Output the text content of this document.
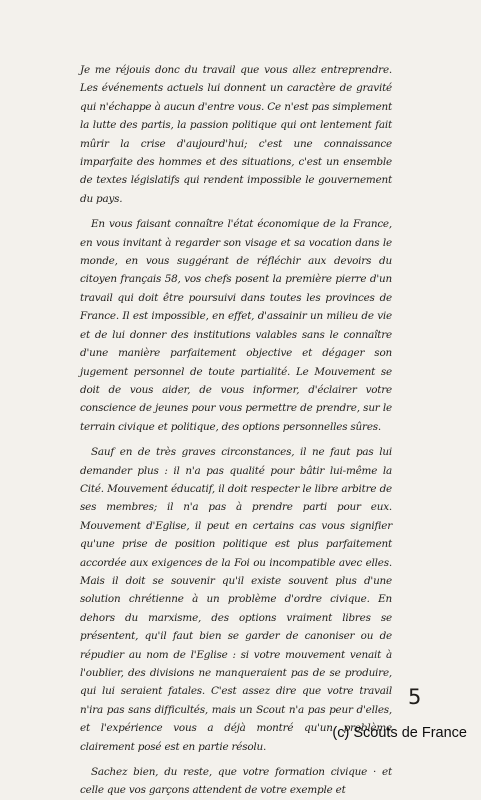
Je me réjouis donc du travail que vous allez entreprendre. Les événements actuels lui donnent un caractère de gravité qui n'échappe à aucun d'entre vous. Ce n'est pas simplement la lutte des partis, la passion politique qui ont lentement fait mûrir la crise d'aujourd'hui; c'est une connaissance imparfaite des hommes et des situations, c'est un ensemble de textes législatifs qui rendent impossible le gouvernement du pays.

En vous faisant connaître l'état économique de la France, en vous invitant à regarder son visage et sa vocation dans le monde, en vous suggérant de réfléchir aux devoirs du citoyen français 58, vos chefs posent la première pierre d'un travail qui doit être poursuivi dans toutes les provinces de France. Il est impossible, en effet, d'assainir un milieu de vie et de lui donner des institutions valables sans le connaître d'une manière parfaitement objective et dégager son jugement personnel de toute partialité. Le Mouvement se doit de vous aider, de vous informer, d'éclairer votre conscience de jeunes pour vous permettre de prendre, sur le terrain civique et politique, des options personnelles sûres.

Sauf en de très graves circonstances, il ne faut pas lui demander plus : il n'a pas qualité pour bâtir lui-même la Cité. Mouvement éducatif, il doit respecter le libre arbitre de ses membres; il n'a pas à prendre parti pour eux. Mouvement d'Eglise, il peut en certains cas vous signifier qu'une prise de position politique est plus parfaitement accordée aux exigences de la Foi ou incompatible avec elles. Mais il doit se souvenir qu'il existe souvent plus d'une solution chrétienne à un problème d'ordre civique. En dehors du marxisme, des options vraiment libres se présentent, qu'il faut bien se garder de canoniser ou de répudier au nom de l'Eglise : si votre mouvement venait à l'oublier, des divisions ne manqueraient pas de se produire, qui lui seraient fatales. C'est assez dire que votre travail n'ira pas sans difficultés, mais un Scout n'a pas peur d'elles, et l'expérience vous a déjà montré qu'un problème clairement posé est en partie résolu.

Sachez bien, du reste, que votre formation civique · et celle que vos garçons attendent de votre exemple et

5
(c) Scouts de France
